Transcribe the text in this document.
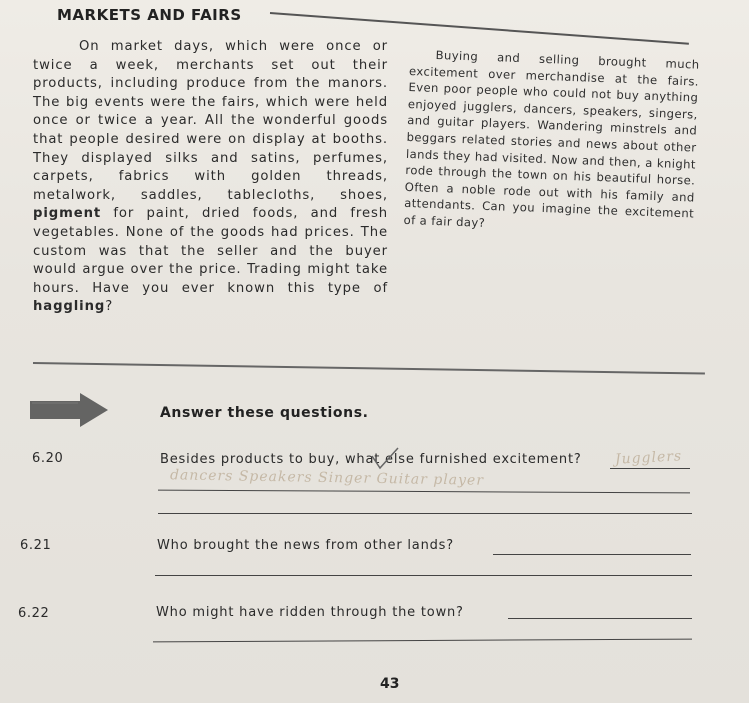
MARKETS AND FAIRS

On market days, which were once or twice a week, merchants set out their products, including produce from the manors. The big events were the fairs, which were held once or twice a year. All the wonderful goods that people desired were on display at booths. They displayed silks and satins, perfumes, carpets, fabrics with golden threads, metalwork, saddles, tablecloths, shoes, pigment for paint, dried foods, and fresh vegetables. None of the goods had prices. The custom was that the seller and the buyer would argue over the price. Trading might take hours. Have you ever known this type of haggling?

Buying and selling brought much excitement over merchandise at the fairs. Even poor people who could not buy anything enjoyed jugglers, dancers, speakers, singers, and guitar players. Wandering minstrels and beggars related stories and news about other lands they had visited. Now and then, a knight rode through the town on his beautiful horse. Often a noble rode out with his family and attendants. Can you imagine the excitement of a fair day?

Answer these questions.
6.20	Besides products to buy, what else furnished excitement? Jugglers
dancers Speakers Singer Guitar player
6.21	Who brought the news from other lands?
6.22	Who might have ridden through the town?
43
